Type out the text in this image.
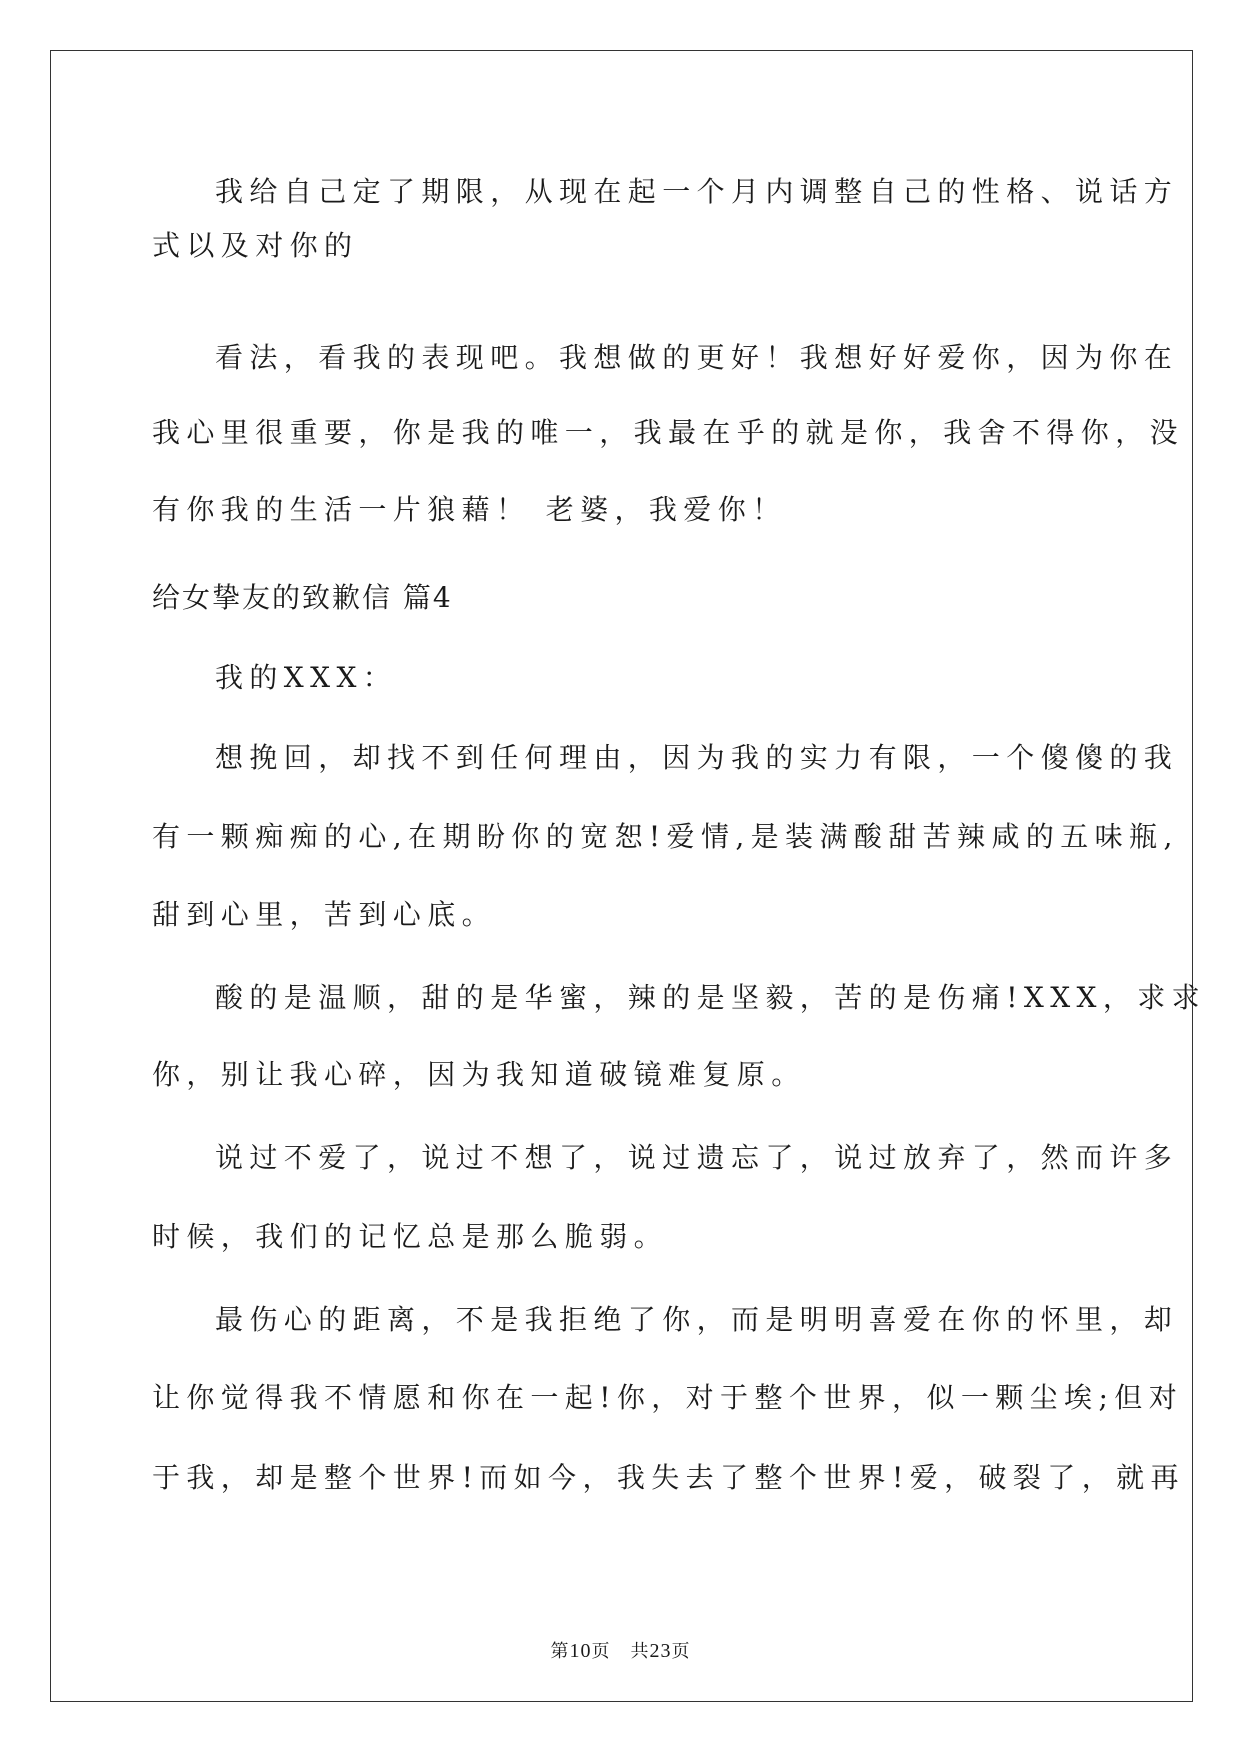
我给自己定了期限，从现在起一个月内调整自己的性格、说话方
式以及对你的
看法，看我的表现吧。我想做的更好！我想好好爱你，因为你在
我心里很重要，你是我的唯一，我最在乎的就是你，我舍不得你，没
有你我的生活一片狼藉！ 老婆，我爱你！
给女挚友的致歉信 篇4
我的XXX：
想挽回，却找不到任何理由，因为我的实力有限，一个傻傻的我
有一颗痴痴的心,在期盼你的宽恕!爱情,是装满酸甜苦辣咸的五味瓶,
甜到心里，苦到心底。
酸的是温顺，甜的是华蜜，辣的是坚毅，苦的是伤痛!XXX，求求
你，别让我心碎，因为我知道破镜难复原。
说过不爱了，说过不想了，说过遗忘了，说过放弃了，然而许多
时候，我们的记忆总是那么脆弱。
最伤心的距离，不是我拒绝了你，而是明明喜爱在你的怀里，却
让你觉得我不情愿和你在一起!你，对于整个世界，似一颗尘埃;但对
于我，却是整个世界!而如今，我失去了整个世界!爱，破裂了，就再
第10页 共23页
